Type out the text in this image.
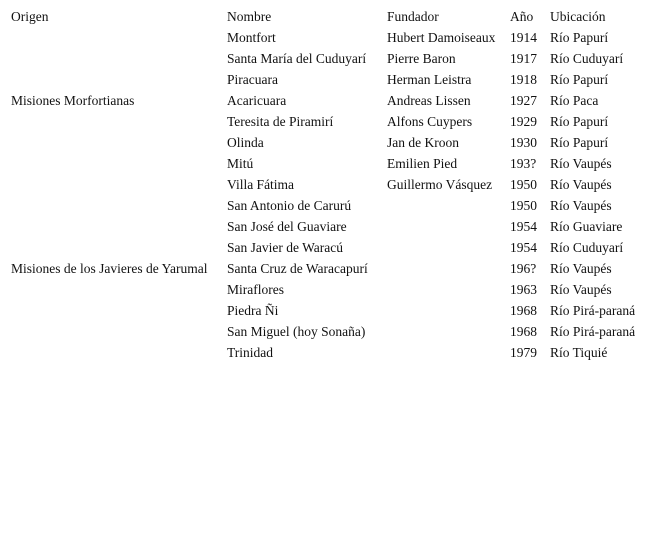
Origen	Nombre	Fundador	Año	Ubicación
	Montfort	Hubert Damoiseaux	1914	Río Papurí
	Santa María del Cuduyarí	Pierre Baron	1917	Río Cuduyarí
	Piracuara	Herman Leistra	1918	Río Papurí
Misiones Morfortianas	Acaricuara	Andreas Lissen	1927	Río Paca
	Teresita de Piramirí	Alfons Cuypers	1929	Río Papurí
	Olinda	Jan de Kroon	1930	Río Papurí
	Mitú	Emilien Pied	193?	Río Vaupés
	Villa Fátima	Guillermo Vásquez	1950	Río Vaupés
	San Antonio de Carurú		1950	Río Vaupés
	San José del Guaviare		1954	Río Guaviare
	San Javier de Waracú		1954	Río Cuduyarí
Misiones de los Javieres de Yarumal	Santa Cruz de Waracapurí		196?	Río Vaupés
	Miraflores		1963	Río Vaupés
	Piedra Ñi		1968	Río Pirá-paraná
	San Miguel (hoy Sonaña)		1968	Río Pirá-paraná
	Trinidad		1979	Río Tiquié
